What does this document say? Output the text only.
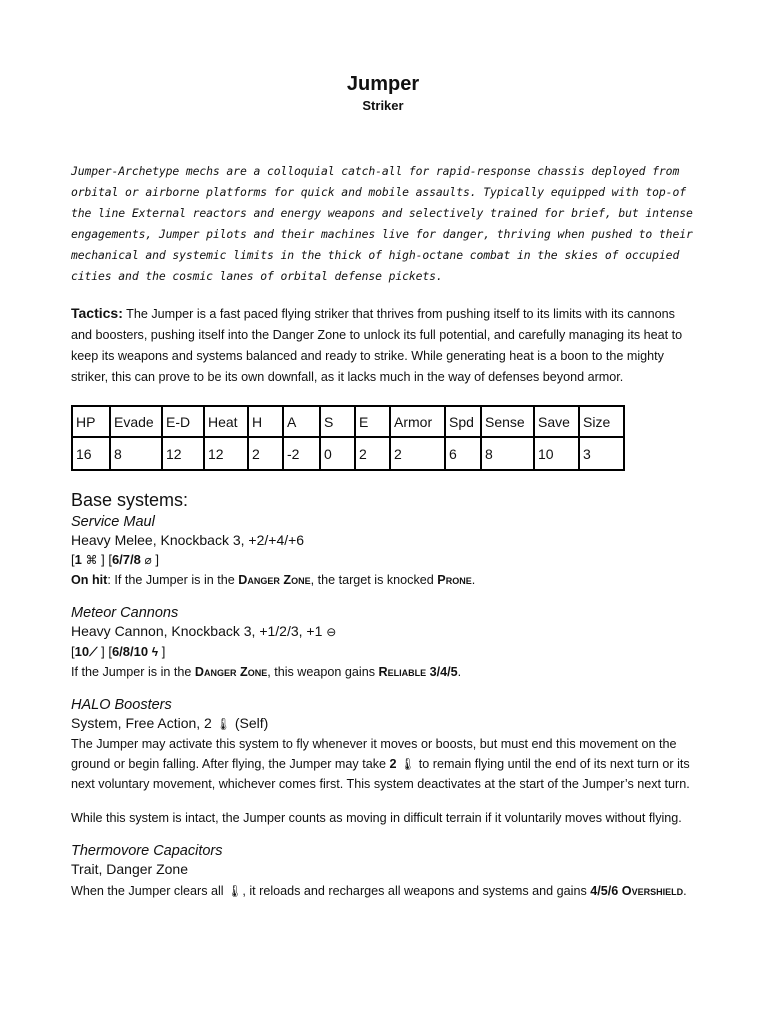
Jumper
Striker
Jumper-Archetype mechs are a colloquial catch-all for rapid-response chassis deployed from orbital or airborne platforms for quick and mobile assaults. Typically equipped with top-of the line External reactors and energy weapons and selectively trained for brief, but intense engagements, Jumper pilots and their machines live for danger, thriving when pushed to their mechanical and systemic limits in the thick of high-octane combat in the skies of occupied cities and the cosmic lanes of orbital defense pickets.
Tactics: The Jumper is a fast paced flying striker that thrives from pushing itself to its limits with its cannons and boosters, pushing itself into the Danger Zone to unlock its full potential, and carefully managing its heat to keep its weapons and systems balanced and ready to strike. While generating heat is a boon to the mighty striker, this can prove to be its own downfall, as it lacks much in the way of defenses beyond armor.
HP	Evade	E-D	Heat	H	A	S	E	Armor	Spd	Sense	Save	Size
16	8	12	12	2	-2	0	2	2	6	8	10	3
Base systems:
Service Maul
Heavy Melee, Knockback 3, +2/+4/+6
[1 ⌘ ] [6/7/8 ⌀ ]
On hit: If the Jumper is in the Danger Zone, the target is knocked Prone.
Meteor Cannons
Heavy Cannon, Knockback 3, +1/2/3, +1 ⊖
[10⟋ ] [6/8/10 ϟ ]
If the Jumper is in the Danger Zone, this weapon gains Reliable 3/4/5.
HALO Boosters
System, Free Action, 2 🌡 (Self)
The Jumper may activate this system to fly whenever it moves or boosts, but must end this movement on the ground or begin falling. After flying, the Jumper may take 2 🌡 to remain flying until the end of its next turn or its next voluntary movement, whichever comes first. This system deactivates at the start of the Jumper’s next turn.
While this system is intact, the Jumper counts as moving in difficult terrain if it voluntarily moves without flying.
Thermovore Capacitors
Trait, Danger Zone
When the Jumper clears all 🌡, it reloads and recharges all weapons and systems and gains 4/5/6 Overshield.
